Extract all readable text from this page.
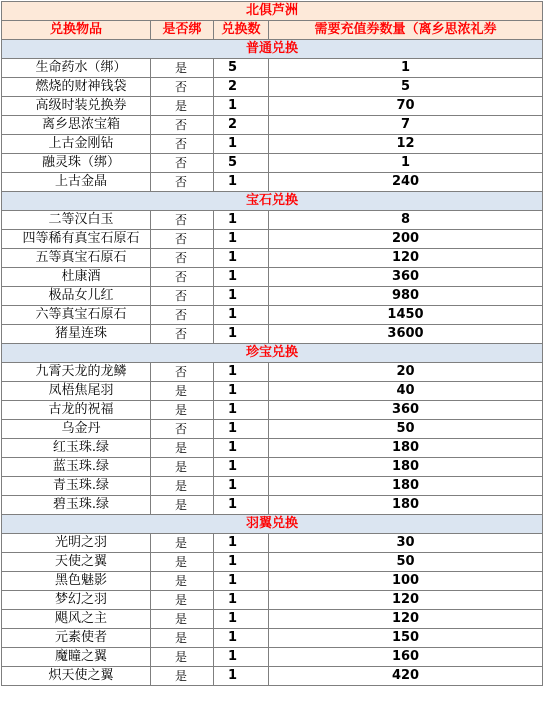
北俱芦洲			
兑换物品	是否绑	兑换数	需要充值券数量（离乡思浓礼券
普通兑换			
生命药水（绑）	是	5	1
燃烧的财神钱袋	否	2	5
高级时装兑换券	是	1	70
离乡思浓宝箱	否	2	7
上古金刚钻	否	1	12
融灵珠（绑）	否	5	1
上古金晶	否	1	240
宝石兑换			
二等汉白玉	否	1	8
四等稀有真宝石原石	否	1	200
五等真宝石原石	否	1	120
杜康酒	否	1	360
极品女儿红	否	1	980
六等真宝石原石	否	1	1450
猪星连珠	否	1	3600
珍宝兑换			
九霄天龙的龙鳞	否	1	20
凤梧焦尾羽	是	1	40
古龙的祝福	是	1	360
乌金丹	否	1	50
红玉珠.绿	是	1	180
蓝玉珠.绿	是	1	180
青玉珠.绿	是	1	180
碧玉珠.绿	是	1	180
羽翼兑换			
光明之羽	是	1	30
天使之翼	是	1	50
黑色魅影	是	1	100
梦幻之羽	是	1	120
飓风之主	是	1	120
元素使者	是	1	150
魔瞳之翼	是	1	160
炽天使之翼	是	1	420
